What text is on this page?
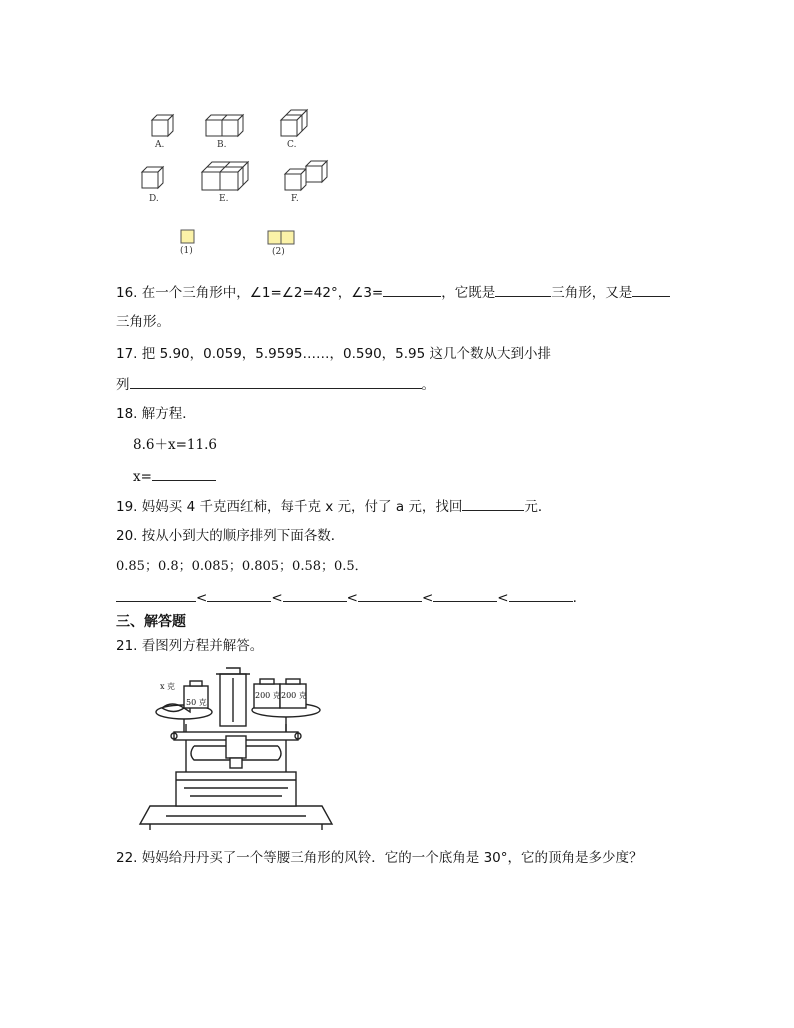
A.	B.	C.
D.	E.	F.
(1)	(2)
16. 在一个三角形中，∠1=∠2=42°，∠3=	，它既是	三角形，又是
三角形。
17. 把 5.90，0.059，5.9595……，0.590，5.95 这几个数从大到小排
列	。
18. 解方程．
8.6＋x=11.6
x=
19. 妈妈买 4 千克西红柿，每千克 x 元，付了 a 元，找回	元．
20. 按从小到大的顺序排列下面各数．
0.85；0.8；0.085；0.805；0.58；0.5．
<	<	<	<	<	.
三、解答题
21. 看图列方程并解答。
x 克
50 克
200 克 200 克
22. 妈妈给丹丹买了一个等腰三角形的风铃．它的一个底角是 30°，它的顶角是多少度？
